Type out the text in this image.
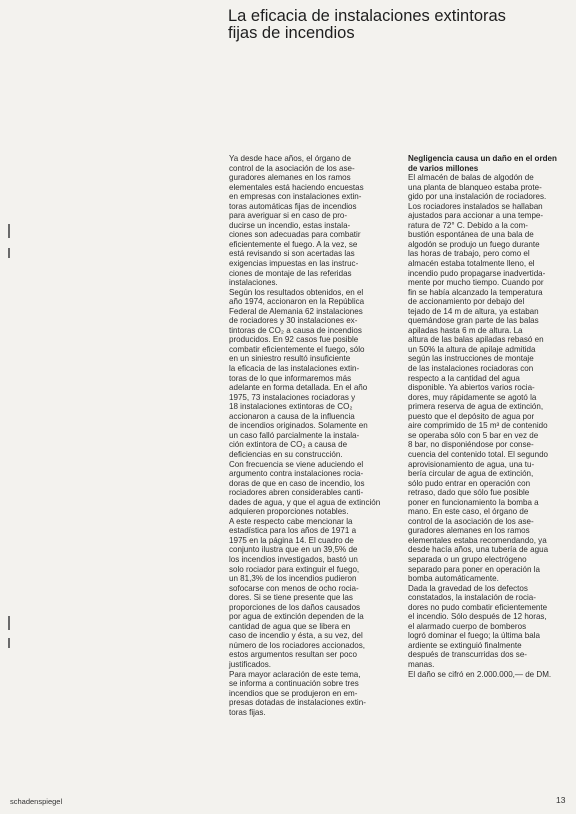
La eficacia de instalaciones extintoras
fijas de incendios
Ya desde hace años, el órgano de
control de la asociación de los ase-
guradores alemanes en los ramos
elementales está haciendo encuestas
en empresas con instalaciones extin-
toras automáticas fijas de incendios
para averiguar si en caso de pro-
ducirse un incendio, estas instala-
ciones son adecuadas para combatir
eficientemente el fuego. A la vez, se
está revisando si son acertadas las
exigencias impuestas en las instruc-
ciones de montaje de las referidas
instalaciones.
Según los resultados obtenidos, en el
año 1974, accionaron en la República
Federal de Alemania 62 instalaciones
de rociadores y 30 instalaciones ex-
tintoras de CO₂ a causa de incendios
producidos. En 92 casos fue posible
combatir eficientemente el fuego, sólo
en un siniestro resultó insuficiente
la eficacia de las instalaciones extin-
toras de lo que informaremos más
adelante en forma detallada. En el año
1975, 73 instalaciones rociadoras y
18 instalaciones extintoras de CO₂
accionaron a causa de la influencia
de incendios originados. Solamente en
un caso falló parcialmente la instala-
ción extintora de CO₂ a causa de
deficiencias en su construcción.
Con frecuencia se viene aduciendo el
argumento contra instalaciones rocia-
doras de que en caso de incendio, los
rociadores abren considerables canti-
dades de agua, y que el agua de extinción
adquieren proporciones notables.
A este respecto cabe mencionar la
estadística para los años de 1971 a
1975 en la página 14. El cuadro de
conjunto ilustra que en un 39,5% de
los incendios investigados, bastó un
solo rociador para extinguir el fuego,
un 81,3% de los incendios pudieron
sofocarse con menos de ocho rocia-
dores. Si se tiene presente que las
proporciones de los daños causados
por agua de extinción dependen de la
cantidad de agua que se libera en
caso de incendio y ésta, a su vez, del
número de los rociadores accionados,
estos argumentos resultan ser poco
justificados.
Para mayor aclaración de este tema,
se informa a continuación sobre tres
incendios que se produjeron en em-
presas dotadas de instalaciones extin-
toras fijas.
Negligencia causa un daño en el orden
de varios millones
El almacén de balas de algodón de
una planta de blanqueo estaba prote-
gido por una instalación de rociadores.
Los rociadores instalados se hallaban
ajustados para accionar a una tempe-
ratura de 72° C. Debido a la com-
bustión espontánea de una bala de
algodón se produjo un fuego durante
las horas de trabajo, pero como el
almacén estaba totalmente lleno, el
incendio pudo propagarse inadvertida-
mente por mucho tiempo. Cuando por
fin se había alcanzado la temperatura
de accionamiento por debajo del
tejado de 14 m de altura, ya estaban
quemándose gran parte de las balas
apiladas hasta 6 m de altura. La
altura de las balas apiladas rebasó en
un 50% la altura de apilaje admitida
según las instrucciones de montaje
de las instalaciones rociadoras con
respecto a la cantidad del agua
disponible. Ya abiertos varios rocia-
dores, muy rápidamente se agotó la
primera reserva de agua de extinción,
puesto que el depósito de agua por
aire comprimido de 15 m³ de contenido
se operaba sólo con 5 bar en vez de
8 bar, no disponiéndose por conse-
cuencia del contenido total. El segundo
aprovisionamiento de agua, una tu-
bería circular de agua de extinción,
sólo pudo entrar en operación con
retraso, dado que sólo fue posible
poner en funcionamiento la bomba a
mano. En este caso, el órgano de
control de la asociación de los ase-
guradores alemanes en los ramos
elementales estaba recomendando, ya
desde hacía años, una tubería de agua
separada o un grupo electrógeno
separado para poner en operación la
bomba automáticamente.
Dada la gravedad de los defectos
constatados, la instalación de rocia-
dores no pudo combatir eficientemente
el incendio. Sólo después de 12 horas,
el alarmado cuerpo de bomberos
logró dominar el fuego; la última bala
ardiente se extinguió finalmente
después de transcurridas dos se-
manas.
El daño se cifró en 2.000.000,— de DM.
schadenspiegel	13
